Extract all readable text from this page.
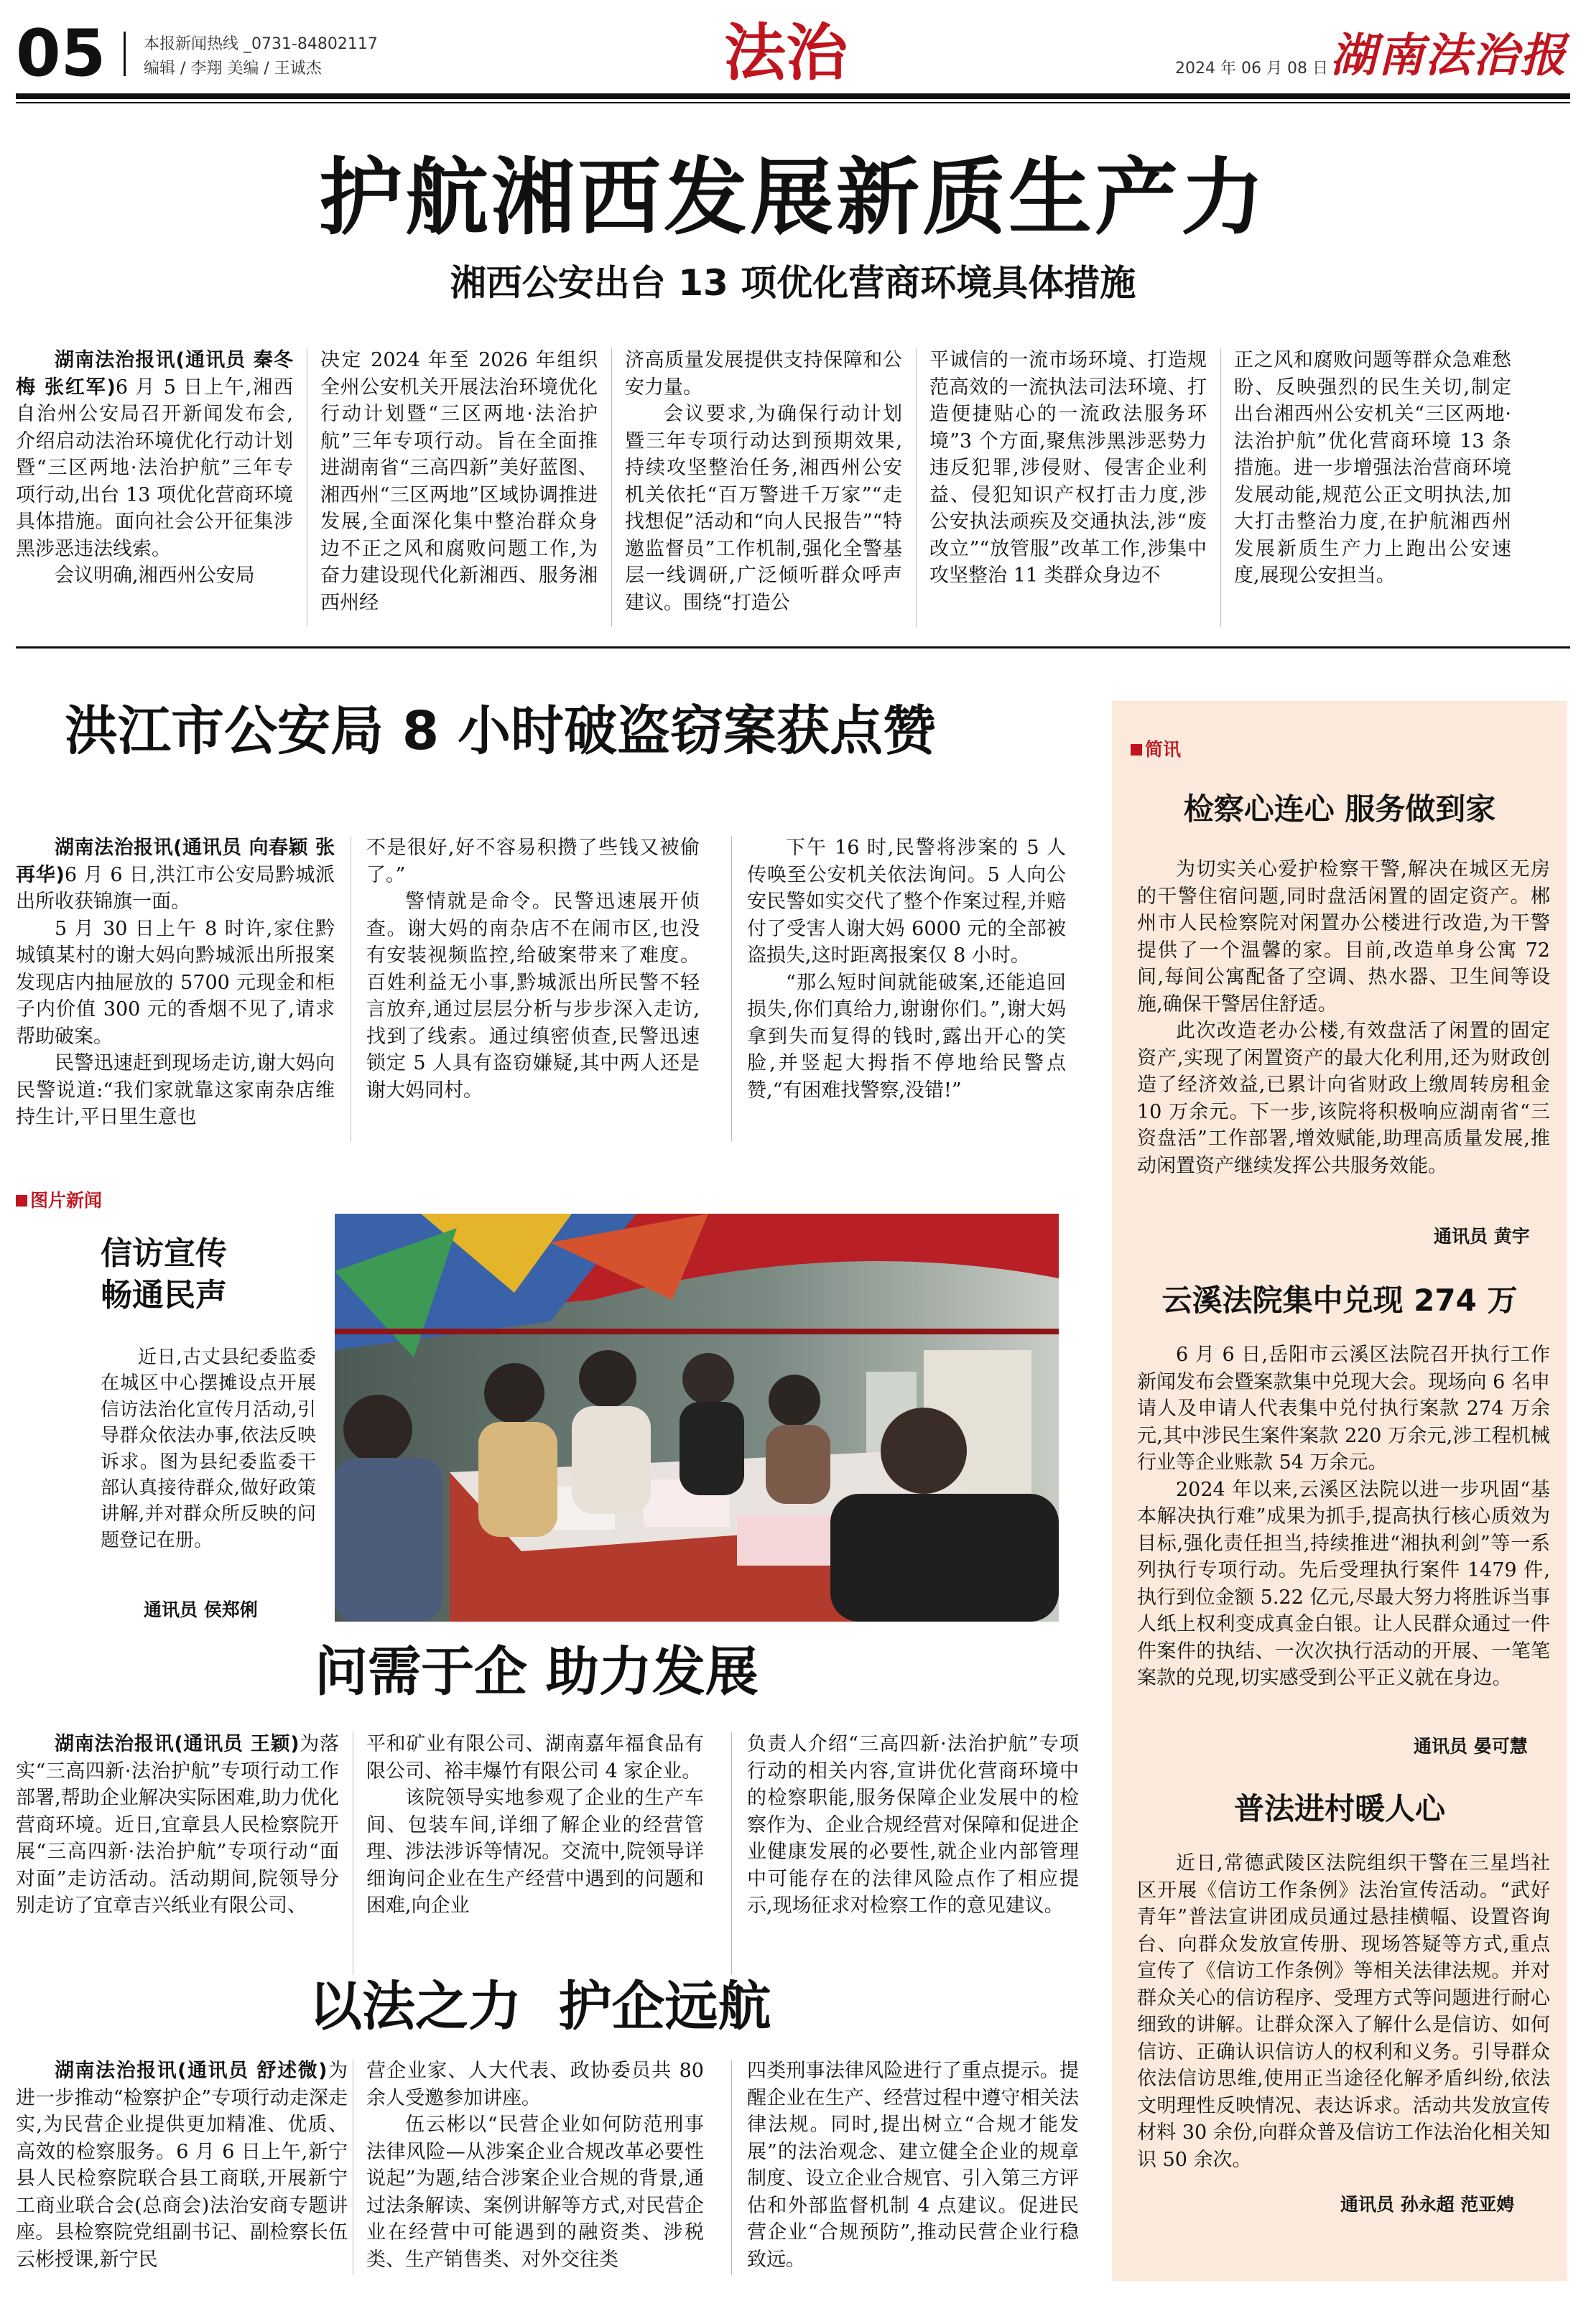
05 本报新闻热线 _0731-84802117
编辑 / 李翔 美编 / 王诚杰	法治	2024 年 06 月 08 日 湖南法治报
护航湘西发展新质生产力
湘西公安出台 13 项优化营商环境具体措施

湖南法治报讯(通讯员 秦冬梅 张红军)6 月 5 日上午,湘西自治州公安局召开新闻发布会,介绍启动法治环境优化行动计划暨“三区两地·法治护航”三年专项行动,出台 13 项优化营商环境具体措施。面向社会公开征集涉黑涉恶违法线索。

会议明确,湘西州公安局

决定 2024 年至 2026 年组织全州公安机关开展法治环境优化行动计划暨“三区两地·法治护航”三年专项行动。旨在全面推进湖南省“三高四新”美好蓝图、湘西州“三区两地”区域协调推进发展,全面深化集中整治群众身边不正之风和腐败问题工作,为奋力建设现代化新湘西、服务湘西州经

济高质量发展提供支持保障和公安力量。

会议要求,为确保行动计划暨三年专项行动达到预期效果,持续攻坚整治任务,湘西州公安机关依托“百万警进千万家”“走找想促”活动和“向人民报告”“特邀监督员”工作机制,强化全警基层一线调研,广泛倾听群众呼声建议。围绕“打造公

平诚信的一流市场环境、打造规范高效的一流执法司法环境、打造便捷贴心的一流政法服务环境”3 个方面,聚焦涉黑涉恶势力违反犯罪,涉侵财、侵害企业利益、侵犯知识产权打击力度,涉公安执法顽疾及交通执法,涉“废改立”“放管服”改革工作,涉集中攻坚整治 11 类群众身边不

正之风和腐败问题等群众急难愁盼、反映强烈的民生关切,制定出台湘西州公安机关“三区两地·法治护航”优化营商环境 13 条措施。进一步增强法治营商环境发展动能,规范公正文明执法,加大打击整治力度,在护航湘西州发展新质生产力上跑出公安速度,展现公安担当。

洪江市公安局 8 小时破盗窃案获点赞

湖南法治报讯(通讯员 向春颖 张再华)6 月 6 日,洪江市公安局黔城派出所收获锦旗一面。

5 月 30 日上午 8 时许,家住黔城镇某村的谢大妈向黔城派出所报案发现店内抽屉放的 5700 元现金和柜子内价值 300 元的香烟不见了,请求帮助破案。

民警迅速赶到现场走访,谢大妈向民警说道:“我们家就靠这家南杂店维持生计,平日里生意也

不是很好,好不容易积攒了些钱又被偷了。”

警情就是命令。民警迅速展开侦查。谢大妈的南杂店不在闹市区,也没有安装视频监控,给破案带来了难度。百姓利益无小事,黔城派出所民警不轻言放弃,通过层层分析与步步深入走访,找到了线索。通过缜密侦查,民警迅速锁定 5 人具有盗窃嫌疑,其中两人还是谢大妈同村。

下午 16 时,民警将涉案的 5 人传唤至公安机关依法询问。5 人向公安民警如实交代了整个作案过程,并赔付了受害人谢大妈 6000 元的全部被盗损失,这时距离报案仅 8 小时。

“那么短时间就能破案,还能追回损失,你们真给力,谢谢你们。”,谢大妈拿到失而复得的钱时,露出开心的笑脸,并竖起大拇指不停地给民警点赞,“有困难找警察,没错!”

图片新闻
信访宣传
畅通民声

近日,古丈县纪委监委在城区中心摆摊设点开展信访法治化宣传月活动,引导群众依法办事,依法反映诉求。图为县纪委监委干部认真接待群众,做好政策讲解,并对群众所反映的问题登记在册。

通讯员 侯郑俐
问需于企 助力发展

湖南法治报讯(通讯员 王颖)为落实“三高四新·法治护航”专项行动工作部署,帮助企业解决实际困难,助力优化营商环境。近日,宜章县人民检察院开展“三高四新·法治护航”专项行动“面对面”走访活动。活动期间,院领导分别走访了宜章吉兴纸业有限公司、

平和矿业有限公司、湖南嘉年福食品有限公司、裕丰爆竹有限公司 4 家企业。

该院领导实地参观了企业的生产车间、包装车间,详细了解企业的经营管理、涉法涉诉等情况。交流中,院领导详细询问企业在生产经营中遇到的问题和困难,向企业

负责人介绍“三高四新·法治护航”专项行动的相关内容,宣讲优化营商环境中的检察职能,服务保障企业发展中的检察作为、企业合规经营对保障和促进企业健康发展的必要性,就企业内部管理中可能存在的法律风险点作了相应提示,现场征求对检察工作的意见建议。

以法之力  护企远航

湖南法治报讯(通讯员 舒述微)为进一步推动“检察护企”专项行动走深走实,为民营企业提供更加精准、优质、高效的检察服务。6 月 6 日上午,新宁县人民检察院联合县工商联,开展新宁工商业联合会(总商会)法治安商专题讲座。县检察院党组副书记、副检察长伍云彬授课,新宁民

营企业家、人大代表、政协委员共 80 余人受邀参加讲座。

伍云彬以“民营企业如何防范刑事法律风险—从涉案企业合规改革必要性说起”为题,结合涉案企业合规的背景,通过法条解读、案例讲解等方式,对民营企业在经营中可能遇到的融资类、涉税类、生产销售类、对外交往类

四类刑事法律风险进行了重点提示。提醒企业在生产、经营过程中遵守相关法律法规。同时,提出树立“合规才能发展”的法治观念、建立健全企业的规章制度、设立企业合规官、引入第三方评估和外部监督机制 4 点建议。促进民营企业“合规预防”,推动民营企业行稳致远。

简讯
检察心连心 服务做到家

为切实关心爱护检察干警,解决在城区无房的干警住宿问题,同时盘活闲置的固定资产。郴州市人民检察院对闲置办公楼进行改造,为干警提供了一个温馨的家。目前,改造单身公寓 72 间,每间公寓配备了空调、热水器、卫生间等设施,确保干警居住舒适。

此次改造老办公楼,有效盘活了闲置的固定资产,实现了闲置资产的最大化利用,还为财政创造了经济效益,已累计向省财政上缴周转房租金 10 万余元。下一步,该院将积极响应湖南省“三资盘活”工作部署,增效赋能,助理高质量发展,推动闲置资产继续发挥公共服务效能。

通讯员 黄宇
云溪法院集中兑现 274 万

6 月 6 日,岳阳市云溪区法院召开执行工作新闻发布会暨案款集中兑现大会。现场向 6 名申请人及申请人代表集中兑付执行案款 274 万余元,其中涉民生案件案款 220 万余元,涉工程机械行业等企业账款 54 万余元。

2024 年以来,云溪区法院以进一步巩固“基本解决执行难”成果为抓手,提高执行核心质效为目标,强化责任担当,持续推进“湘执利剑”等一系列执行专项行动。先后受理执行案件 1479 件,执行到位金额 5.22 亿元,尽最大努力将胜诉当事人纸上权利变成真金白银。让人民群众通过一件件案件的执结、一次次执行活动的开展、一笔笔案款的兑现,切实感受到公平正义就在身边。

通讯员 晏可慧
普法进村暖人心

近日,常德武陵区法院组织干警在三星垱社区开展《信访工作条例》法治宣传活动。“武好青年”普法宣讲团成员通过悬挂横幅、设置咨询台、向群众发放宣传册、现场答疑等方式,重点宣传了《信访工作条例》等相关法律法规。并对群众关心的信访程序、受理方式等问题进行耐心细致的讲解。让群众深入了解什么是信访、如何信访、正确认识信访人的权利和义务。引导群众依法信访思维,使用正当途径化解矛盾纠纷,依法文明理性反映情况、表达诉求。活动共发放宣传材料 30 余份,向群众普及信访工作法治化相关知识 50 余次。

通讯员 孙永超 范亚娉
